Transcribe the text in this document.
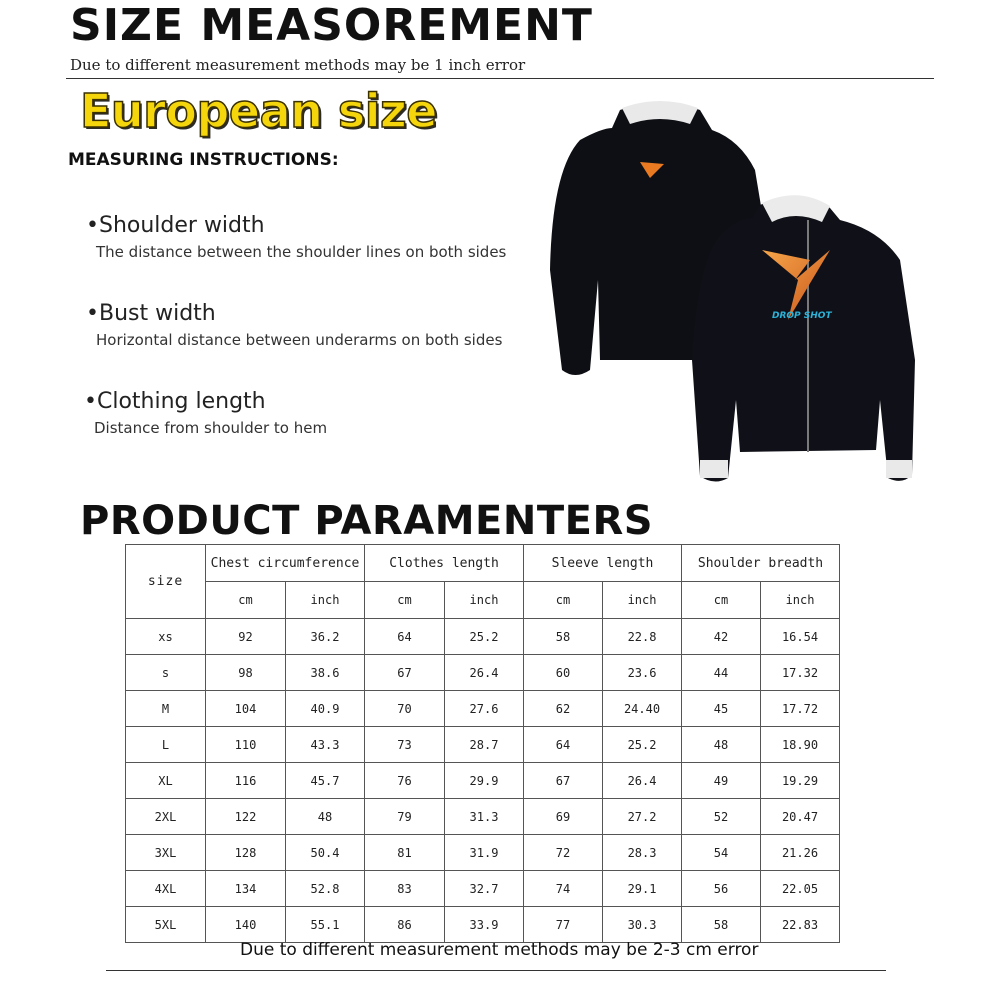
SIZE MEASOREMENT
Due to different measurement methods may be 1 inch error
European size
MEASURING INSTRUCTIONS:
•Shoulder width
The distance between the shoulder lines on both sides
•Bust width
Horizontal distance between underarms on both sides
•Clothing length
Distance from shoulder to hem
DROP SHOT
PRODUCT PARAMENTERS
size	Chest circumference		Clothes length		Sleeve length		Shoulder breadth	
	cm	inch	cm	inch	cm	inch	cm	inch
xs	92	36.2	64	25.2	58	22.8	42	16.54
s	98	38.6	67	26.4	60	23.6	44	17.32
M	104	40.9	70	27.6	62	24.40	45	17.72
L	110	43.3	73	28.7	64	25.2	48	18.90
XL	116	45.7	76	29.9	67	26.4	49	19.29
2XL	122	48	79	31.3	69	27.2	52	20.47
3XL	128	50.4	81	31.9	72	28.3	54	21.26
4XL	134	52.8	83	32.7	74	29.1	56	22.05
5XL	140	55.1	86	33.9	77	30.3	58	22.83
Due to different measurement methods may be 2-3 cm error
